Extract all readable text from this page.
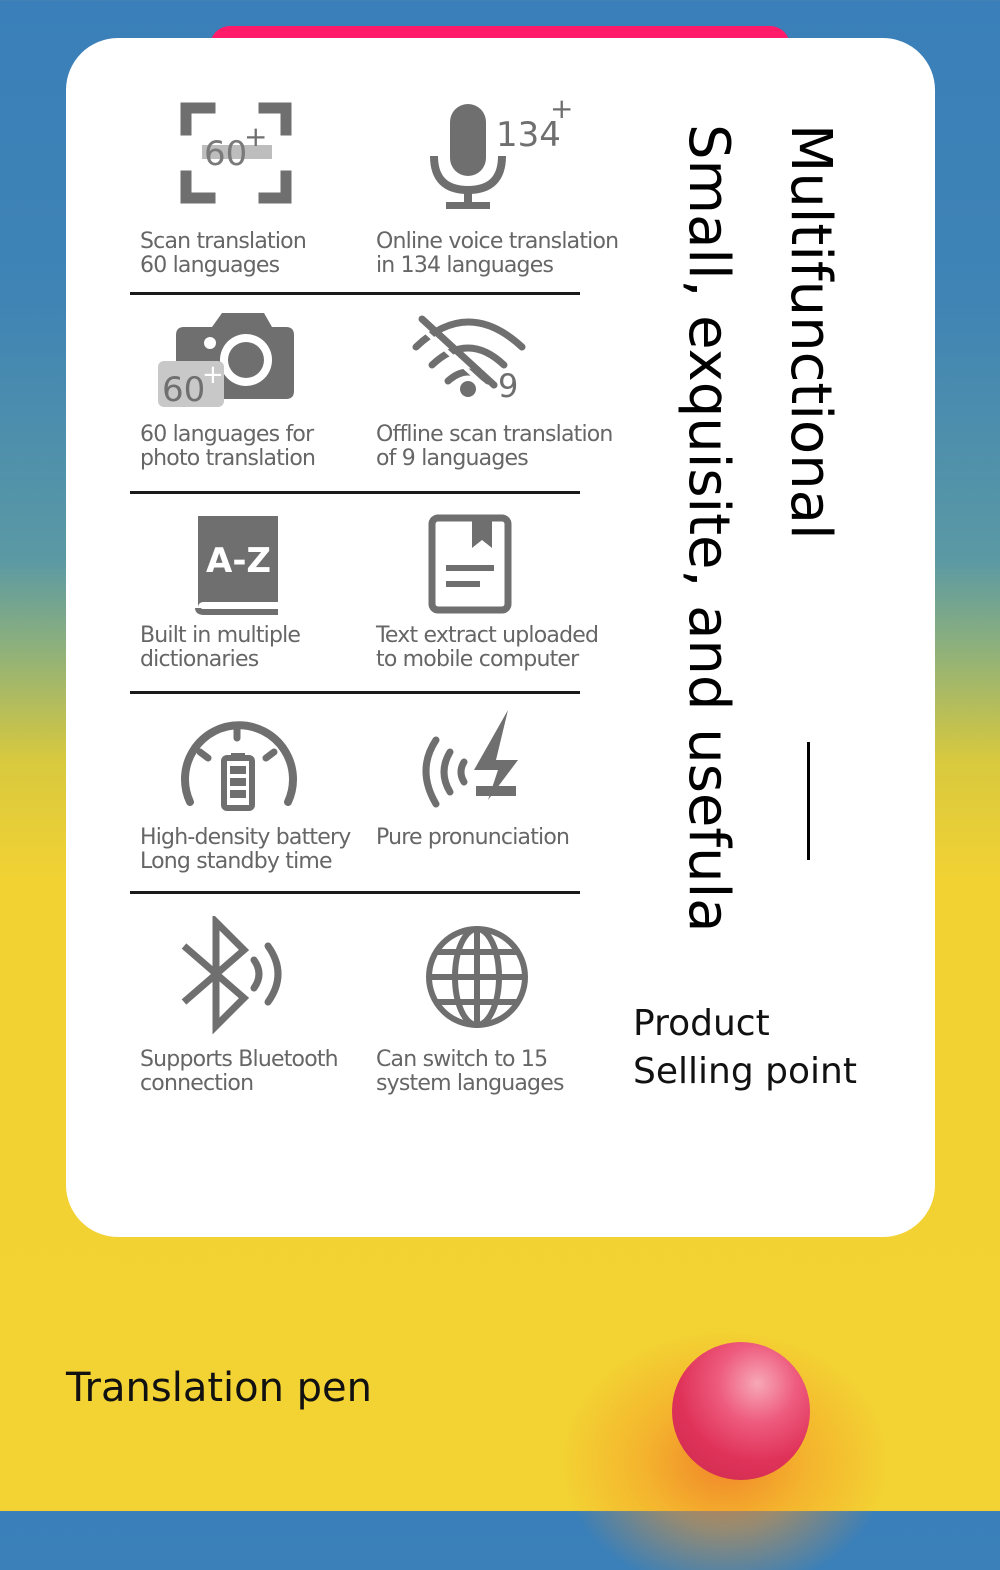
60
+
Scan translation
60 languages
134
+
Online voice translation
in 134 languages
60
+
60 languages for
photo translation
9
Offline scan translation
of 9 languages
A-Z
Built in multiple
dictionaries
Text extract uploaded
to mobile computer
High-density battery
Long standby time
Pure pronunciation
Supports Bluetooth
connection
Can switch to 15
system languages
Multifunctional
Small, exquisite, and usefula
Product
Selling point
Translation pen
